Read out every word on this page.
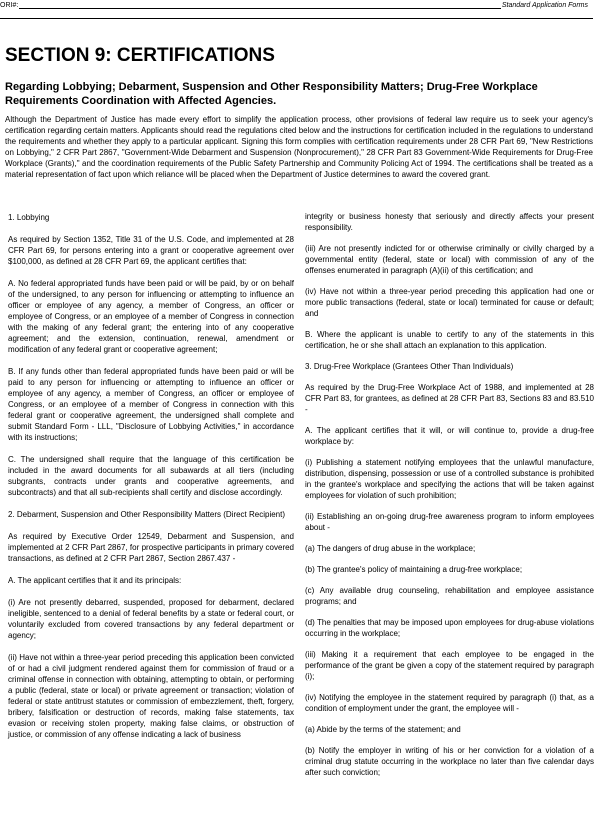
ORI#:	Standard Application Forms
SECTION 9: CERTIFICATIONS

Regarding Lobbying; Debarment, Suspension and Other Responsibility Matters; Drug-Free Workplace Requirements Coordination with Affected Agencies.

Although the Department of Justice has made every effort to simplify the application process, other provisions of federal law require us to seek your agency's certification regarding certain matters. Applicants should read the regulations cited below and the instructions for certification included in the regulations to understand the requirements and whether they apply to a particular applicant. Signing this form complies with certification requirements under 28 CFR Part 69, "New Restrictions on Lobbying," 2 CFR Part 2867, "Government-Wide Debarment and Suspension (Nonprocurement)," 28 CFR Part 83 Government-Wide Requirements for Drug-Free Workplace (Grants)," and the coordination requirements of the Public Safety Partnership and Community Policing Act of 1994. The certifications shall be treated as a material representation of fact upon which reliance will be placed when the Department of Justice determines to award the covered grant.

1. Lobbying

As required by Section 1352, Title 31 of the U.S. Code, and implemented at 28 CFR Part 69, for persons entering into a grant or cooperative agreement over $100,000, as defined at 28 CFR Part 69, the applicant certifies that:

A. No federal appropriated funds have been paid or will be paid, by or on behalf of the undersigned, to any person for influencing or attempting to influence an officer or employee of any agency, a member of Congress, an officer or employee of Congress, or an employee of a member of Congress in connection with the making of any federal grant; the entering into of any cooperative agreement; and the extension, continuation, renewal, amendment or modification of any federal grant or cooperative agreement;

B. If any funds other than federal appropriated funds have been paid or will be paid to any person for influencing or attempting to influence an officer or employee of any agency, a member of Congress, an officer or employee of Congress, or an employee of a member of Congress in connection with this federal grant or cooperative agreement, the undersigned shall complete and submit Standard Form - LLL, "Disclosure of Lobbying Activities," in accordance with its instructions;

C. The undersigned shall require that the language of this certification be included in the award documents for all subawards at all tiers (including subgrants, contracts under grants and cooperative agreements, and subcontracts) and that all sub-recipients shall certify and disclose accordingly.

2. Debarment, Suspension and Other Responsibility Matters (Direct Recipient)

As required by Executive Order 12549, Debarment and Suspension, and implemented at 2 CFR Part 2867, for prospective participants in primary covered transactions, as defined at 2 CFR Part 2867, Section 2867.437 -

A. The applicant certifies that it and its principals:

(i) Are not presently debarred, suspended, proposed for debarment, declared ineligible, sentenced to a denial of federal benefits by a state or federal court, or voluntarily excluded from covered transactions by any federal department or agency;

(ii) Have not within a three-year period preceding this application been convicted of or had a civil judgment rendered against them for commission of fraud or a criminal offense in connection with obtaining, attempting to obtain, or performing a public (federal, state or local) or private agreement or transaction; violation of federal or state antitrust statutes or commission of embezzlement, theft, forgery, bribery, falsification or destruction of records, making false statements, tax evasion or receiving stolen property, making false claims, or obstruction of justice, or commission of any offense indicating a lack of business

integrity or business honesty that seriously and directly affects your present responsibility.

(iii) Are not presently indicted for or otherwise criminally or civilly charged by a governmental entity (federal, state or local) with commission of any of the offenses enumerated in paragraph (A)(ii) of this certification; and

(iv) Have not within a three-year period preceding this application had one or more public transactions (federal, state or local) terminated for cause or default; and

B. Where the applicant is unable to certify to any of the statements in this certification, he or she shall attach an explanation to this application.

3. Drug-Free Workplace (Grantees Other Than Individuals)

As required by the Drug-Free Workplace Act of 1988, and implemented at 28 CFR Part 83, for grantees, as defined at 28 CFR Part 83, Sections 83 and 83.510 -

A. The applicant certifies that it will, or will continue to, provide a drug-free workplace by:

(i) Publishing a statement notifying employees that the unlawful manufacture, distribution, dispensing, possession or use of a controlled substance is prohibited in the grantee's workplace and specifying the actions that will be taken against employees for violation of such prohibition;

(ii) Establishing an on-going drug-free awareness program to inform employees about -

(a) The dangers of drug abuse in the workplace;

(b) The grantee's policy of maintaining a drug-free workplace;

(c) Any available drug counseling, rehabilitation and employee assistance programs; and

(d) The penalties that may be imposed upon employees for drug-abuse violations occurring in the workplace;

(iii) Making it a requirement that each employee to be engaged in the performance of the grant be given a copy of the statement required by paragraph (i);

(iv) Notifying the employee in the statement required by paragraph (i) that, as a condition of employment under the grant, the employee will -

(a) Abide by the terms of the statement; and

(b) Notify the employer in writing of his or her conviction for a violation of a criminal drug statute occurring in the workplace no later than five calendar days after such conviction;
